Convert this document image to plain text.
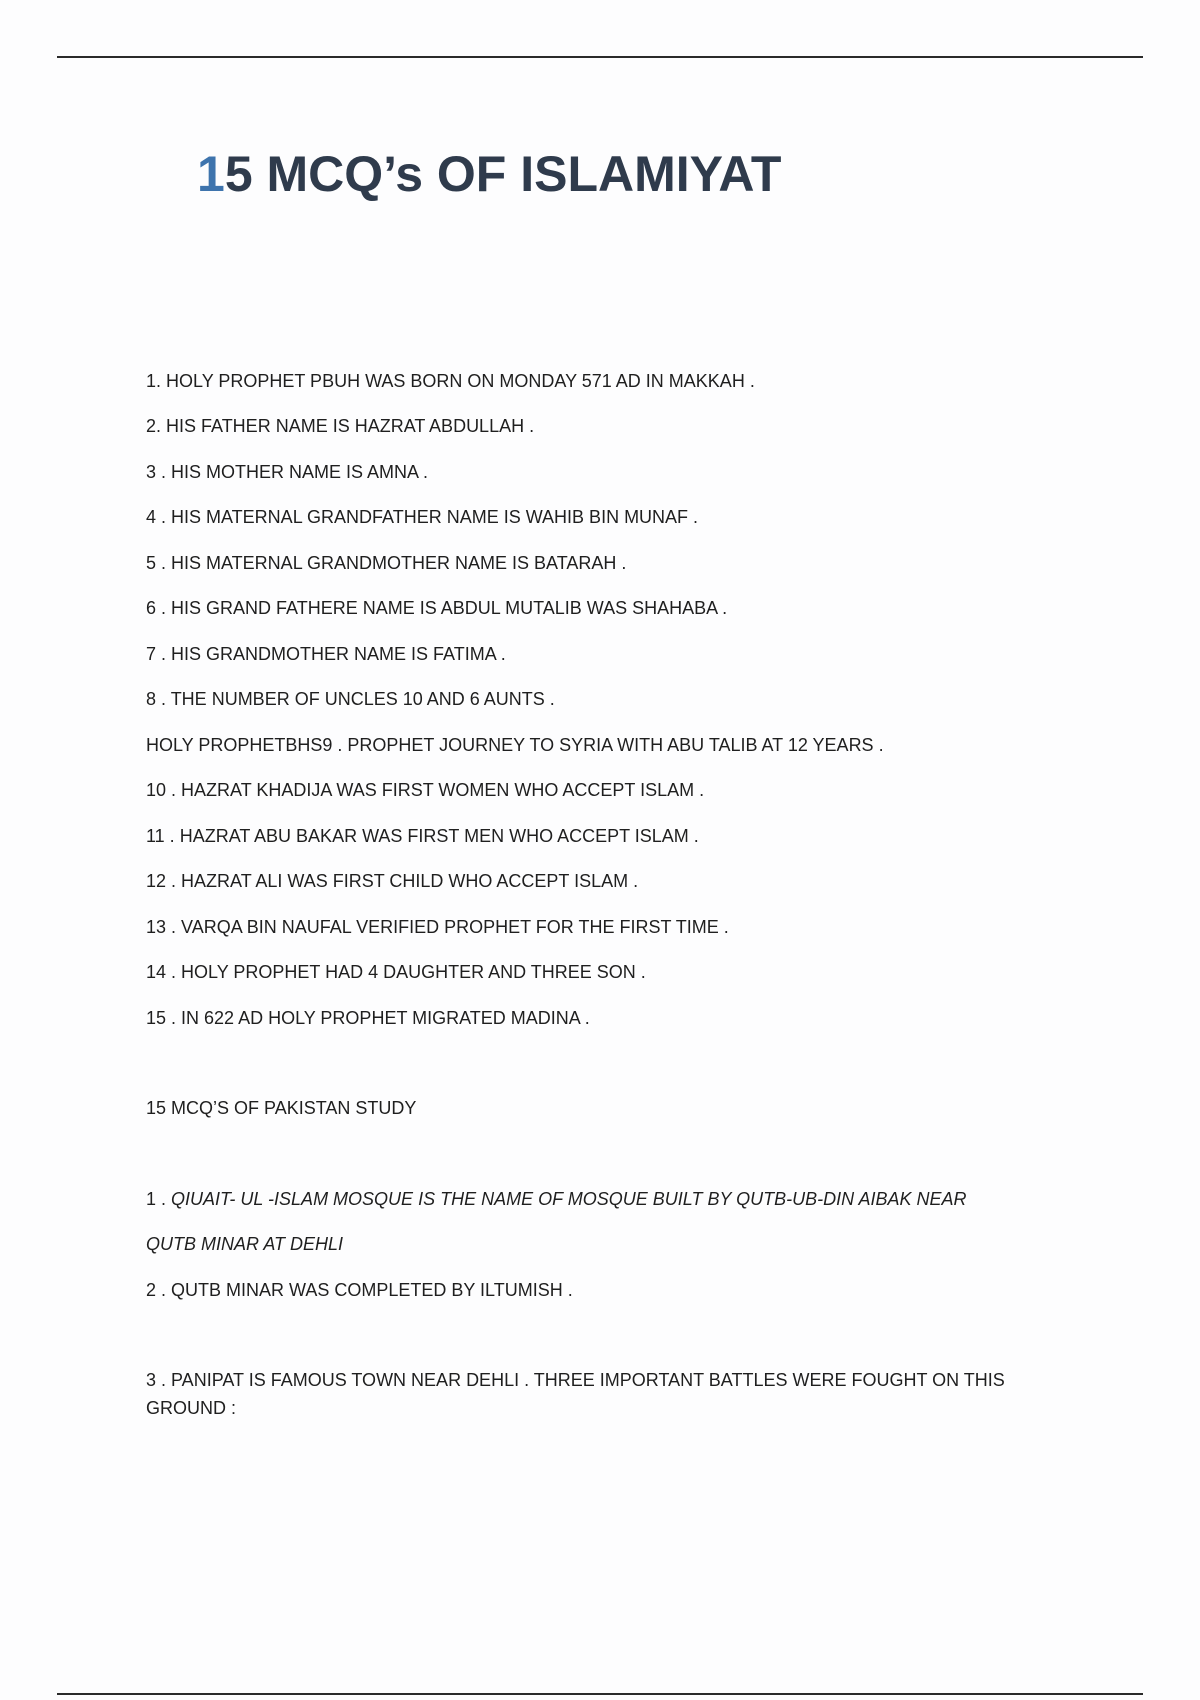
15 MCQ’s OF ISLAMIYAT
1. HOLY PROPHET PBUH WAS BORN ON MONDAY 571 AD IN MAKKAH .
2. HIS FATHER NAME IS HAZRAT ABDULLAH .
3 . HIS MOTHER NAME IS AMNA .
4 . HIS MATERNAL GRANDFATHER NAME IS WAHIB BIN MUNAF .
5 . HIS MATERNAL GRANDMOTHER NAME IS BATARAH .
6 . HIS GRAND FATHERE NAME IS ABDUL MUTALIB WAS SHAHABA .
7 . HIS GRANDMOTHER NAME IS FATIMA .
8 . THE NUMBER OF UNCLES 10 AND 6 AUNTS .
HOLY PROPHETBHS9 . PROPHET JOURNEY TO SYRIA WITH ABU TALIB AT 12 YEARS .
10 . HAZRAT KHADIJA WAS FIRST WOMEN WHO ACCEPT ISLAM .
11 . HAZRAT ABU BAKAR WAS FIRST MEN WHO ACCEPT ISLAM .
12 . HAZRAT ALI WAS FIRST CHILD WHO ACCEPT ISLAM .
13 . VARQA BIN NAUFAL VERIFIED PROPHET FOR THE FIRST TIME .
14 . HOLY PROPHET HAD 4 DAUGHTER AND THREE SON .
15 . IN 622 AD HOLY PROPHET MIGRATED MADINA .
15 MCQ’S OF PAKISTAN STUDY
1 . QIUAIT- UL -ISLAM MOSQUE IS THE NAME OF MOSQUE BUILT BY QUTB-UB-DIN AIBAK NEAR
QUTB MINAR AT DEHLI
2 . QUTB MINAR WAS COMPLETED BY ILTUMISH .
3 . PANIPAT IS FAMOUS TOWN NEAR DEHLI . THREE IMPORTANT BATTLES WERE FOUGHT ON THIS GROUND :
